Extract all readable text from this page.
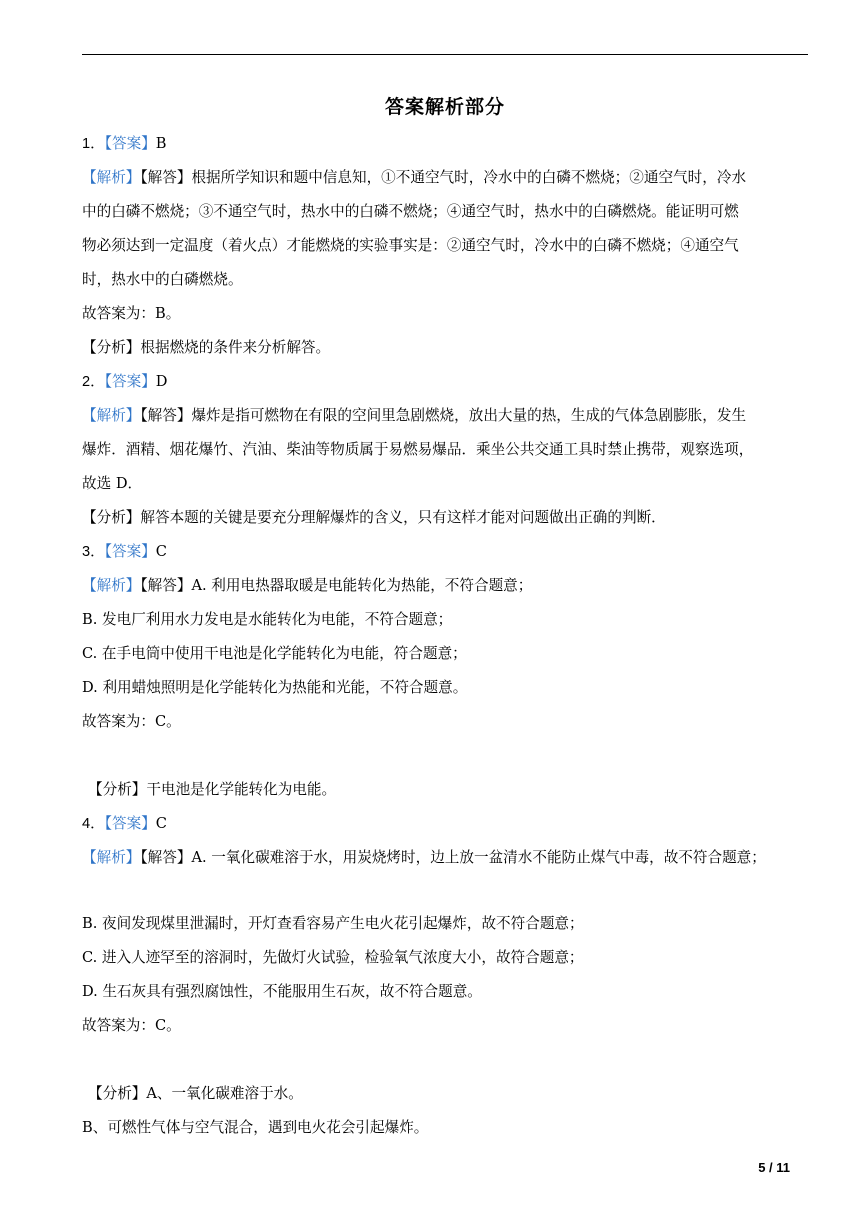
答案解析部分
1．【答案】B
【解析】【解答】根据所学知识和题中信息知，①不通空气时，冷水中的白磷不燃烧；②通空气时，冷水
中的白磷不燃烧；③不通空气时，热水中的白磷不燃烧；④通空气时，热水中的白磷燃烧。能证明可燃
物必须达到一定温度（着火点）才能燃烧的实验事实是：②通空气时，冷水中的白磷不燃烧；④通空气
时，热水中的白磷燃烧。
故答案为：B。
【分析】根据燃烧的条件来分析解答。
2．【答案】D
【解析】【解答】爆炸是指可燃物在有限的空间里急剧燃烧，放出大量的热，生成的气体急剧膨胀，发生
爆炸．酒精、烟花爆竹、汽油、柴油等物质属于易燃易爆品．乘坐公共交通工具时禁止携带，观察选项，
故选 D．
【分析】解答本题的关键是要充分理解爆炸的含义，只有这样才能对问题做出正确的判断．
3．【答案】C
【解析】【解答】A. 利用电热器取暖是电能转化为热能，不符合题意；
B. 发电厂利用水力发电是水能转化为电能，不符合题意；
C. 在手电筒中使用干电池是化学能转化为电能，符合题意；
D. 利用蜡烛照明是化学能转化为热能和光能，不符合题意。
故答案为：C。
【分析】干电池是化学能转化为电能。
4．【答案】C
【解析】【解答】A. 一氧化碳难溶于水，用炭烧烤时，边上放一盆清水不能防止煤气中毒，故不符合题意；
B. 夜间发现煤里泄漏时，开灯查看容易产生电火花引起爆炸，故不符合题意；
C. 进入人迹罕至的溶洞时，先做灯火试验，检验氧气浓度大小，故符合题意；
D. 生石灰具有强烈腐蚀性，不能服用生石灰，故不符合题意。
故答案为：C。
【分析】A、一氧化碳难溶于水。
B、可燃性气体与空气混合，遇到电火花会引起爆炸。
5 / 11
